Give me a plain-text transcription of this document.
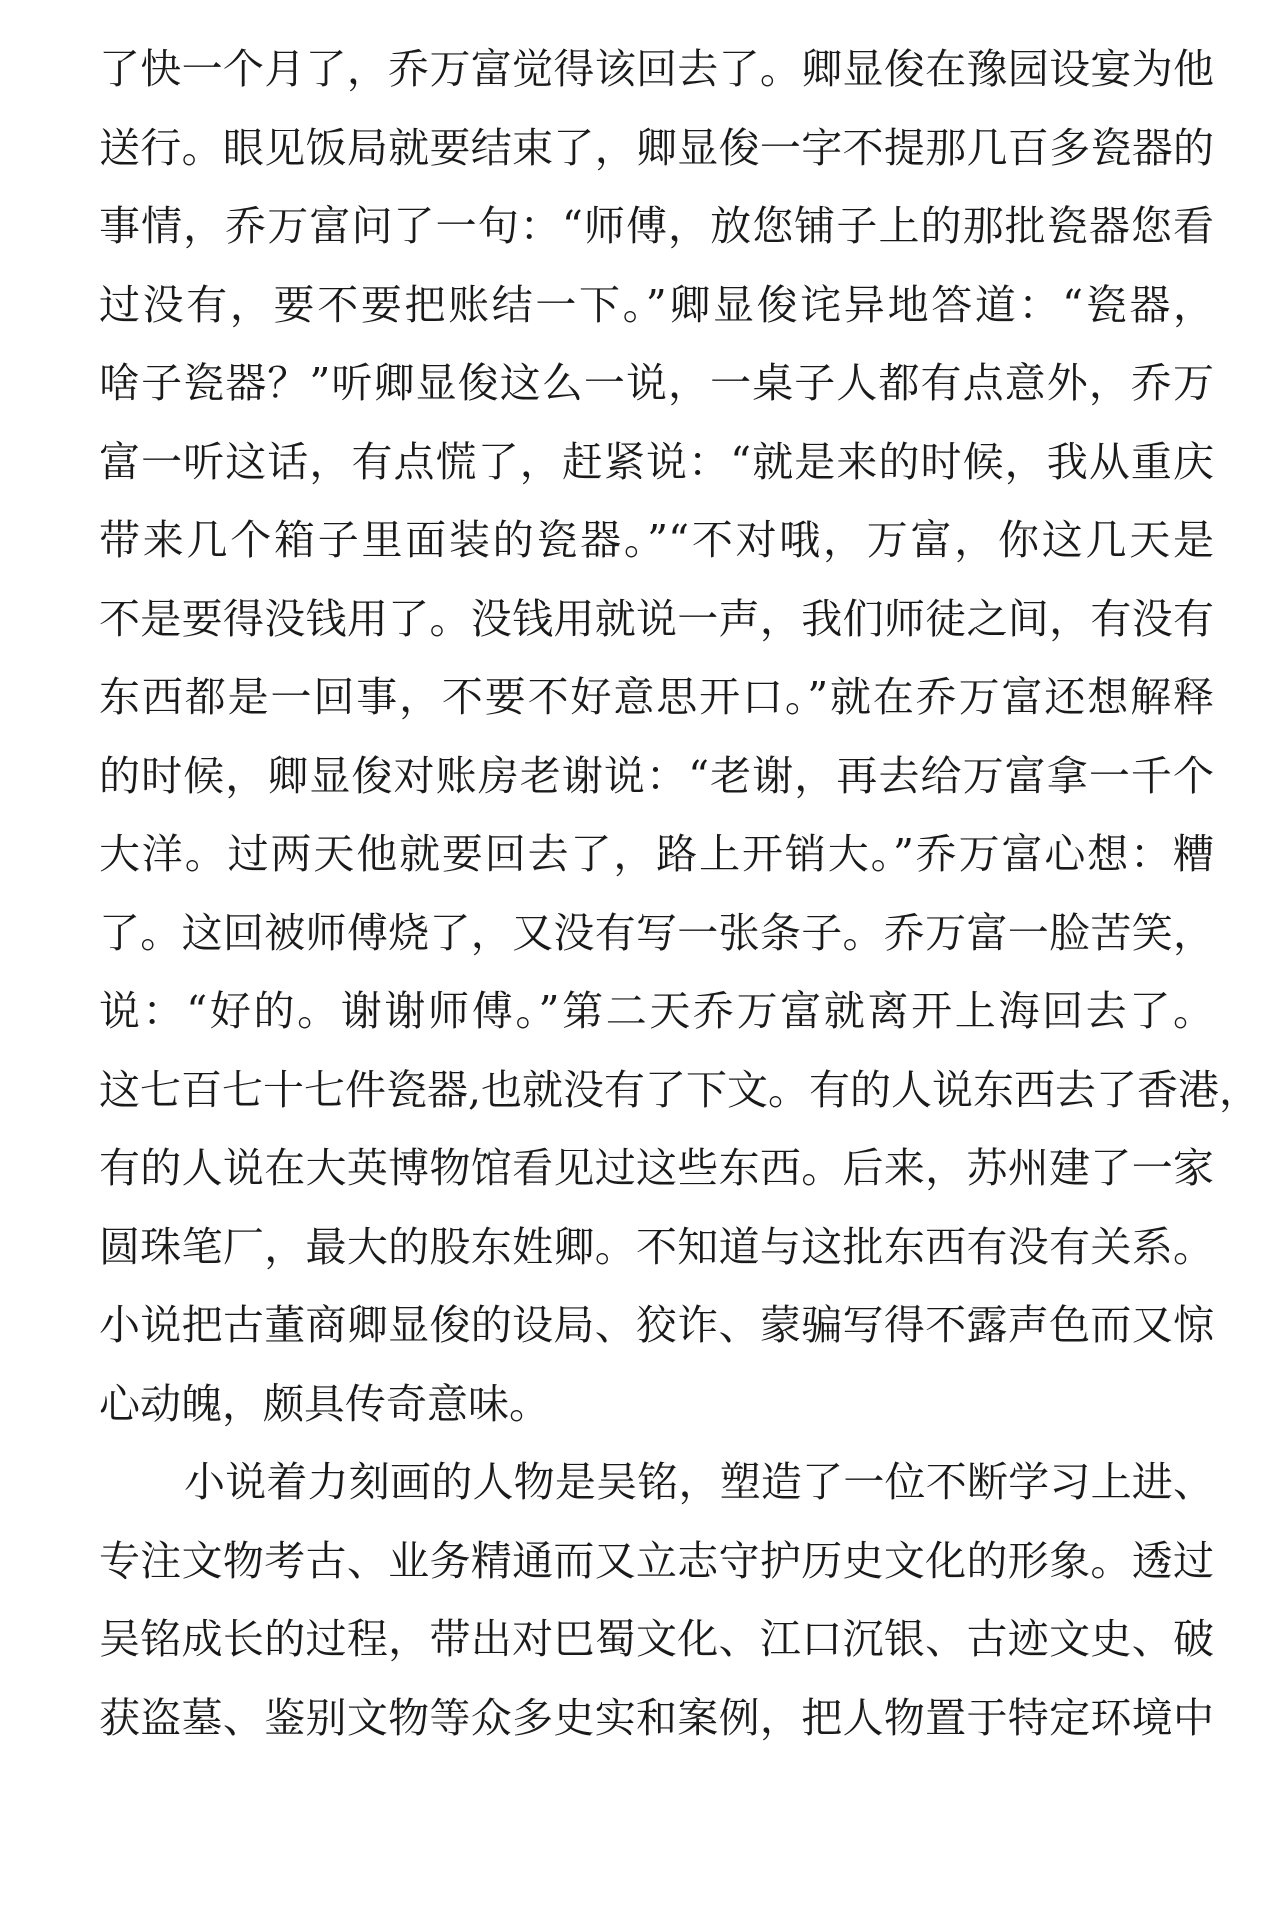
了快一个月了，乔万富觉得该回去了。卿显俊在豫园设宴为他
送行。眼见饭局就要结束了，卿显俊一字不提那几百多瓷器的
事情，乔万富问了一句：“师傅，放您铺子上的那批瓷器您看
过没有，要不要把账结一下。”卿显俊诧异地答道：“瓷器，
啥子瓷器？”听卿显俊这么一说，一桌子人都有点意外，乔万
富一听这话，有点慌了，赶紧说：“就是来的时候，我从重庆
带来几个箱子里面装的瓷器。”“不对哦，万富，你这几天是
不是要得没钱用了。没钱用就说一声，我们师徒之间，有没有
东西都是一回事，不要不好意思开口。”就在乔万富还想解释
的时候，卿显俊对账房老谢说：“老谢，再去给万富拿一千个
大洋。过两天他就要回去了，路上开销大。”乔万富心想：糟
了。这回被师傅烧了，又没有写一张条子。乔万富一脸苦笑，
说：“好的。谢谢师傅。”第二天乔万富就离开上海回去了。
这七百七十七件瓷器,也就没有了下文。有的人说东西去了香港，
有的人说在大英博物馆看见过这些东西。后来，苏州建了一家
圆珠笔厂，最大的股东姓卿。不知道与这批东西有没有关系。
小说把古董商卿显俊的设局、狡诈、蒙骗写得不露声色而又惊
心动魄，颇具传奇意味。
小说着力刻画的人物是吴铭，塑造了一位不断学习上进、
专注文物考古、业务精通而又立志守护历史文化的形象。透过
吴铭成长的过程，带出对巴蜀文化、江口沉银、古迹文史、破
获盗墓、鉴别文物等众多史实和案例，把人物置于特定环境中
